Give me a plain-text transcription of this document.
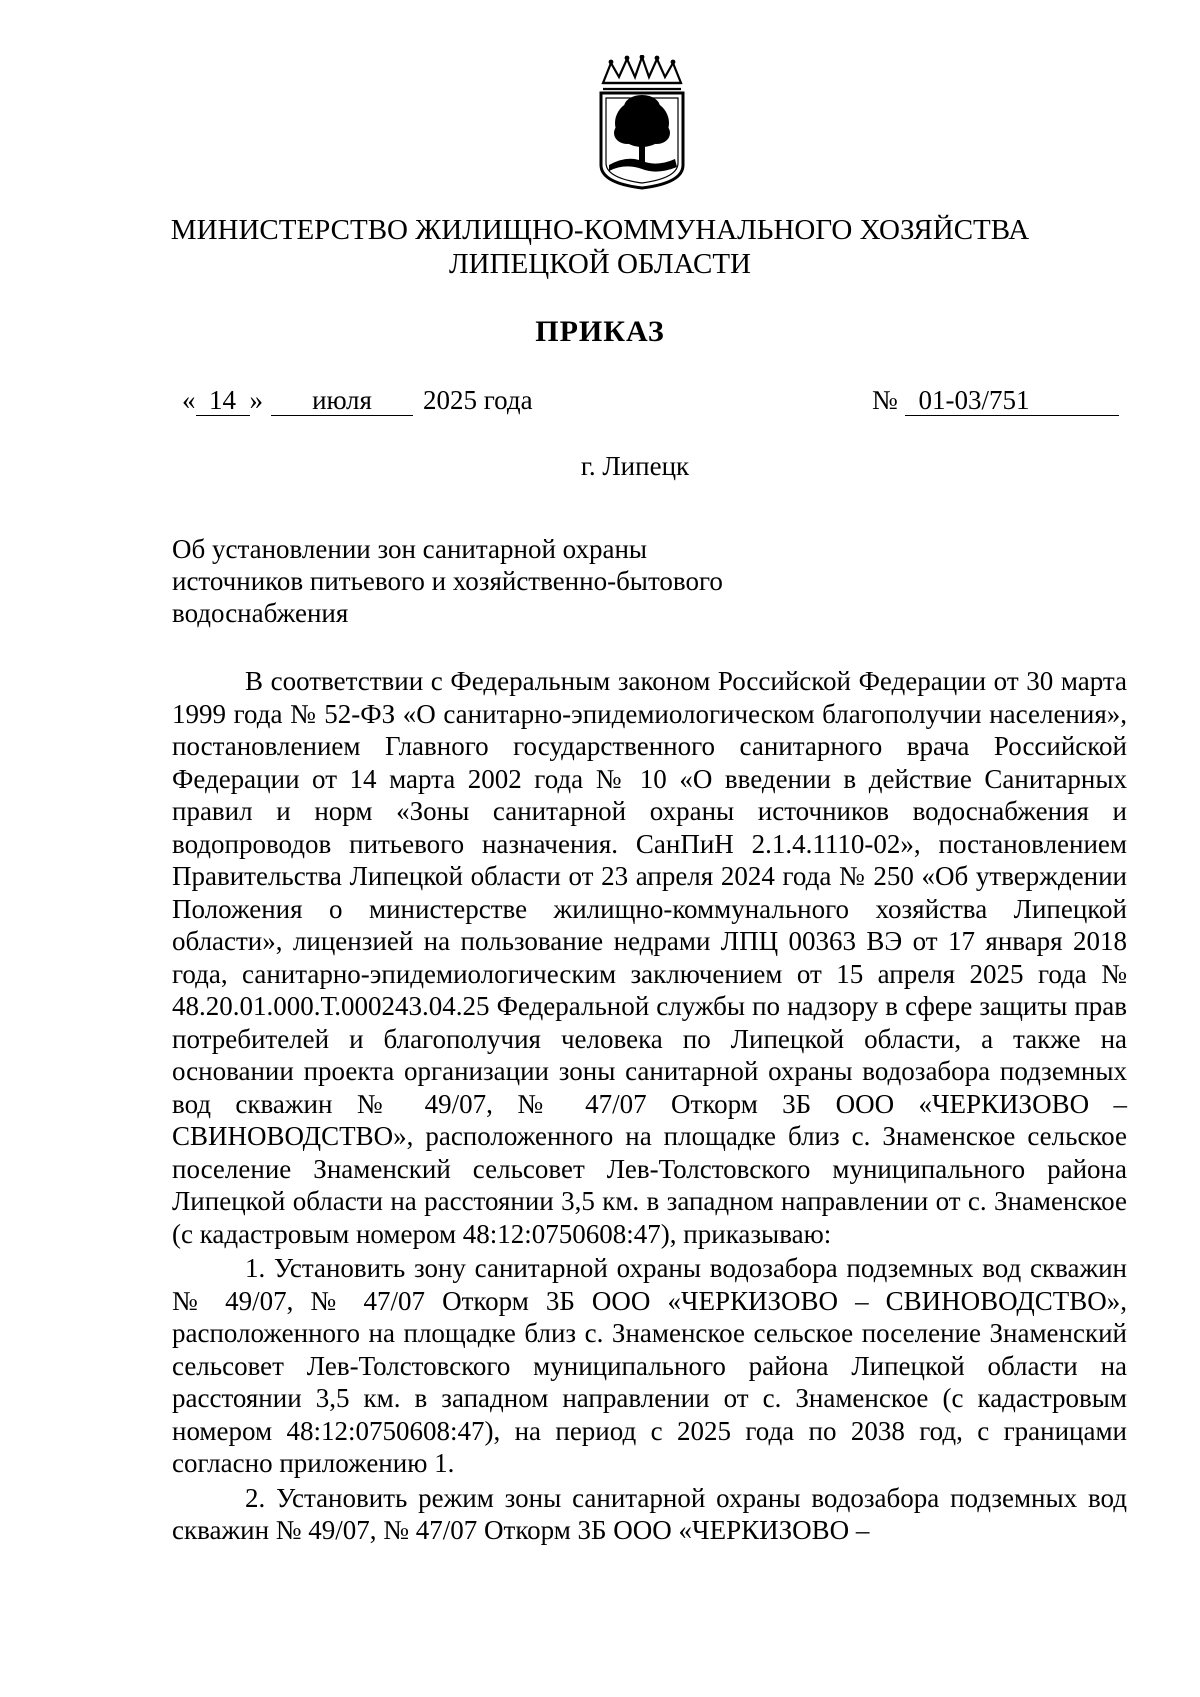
МИНИСТЕРСТВО ЖИЛИЩНО-КОММУНАЛЬНОГО ХОЗЯЙСТВА
ЛИПЕЦКОЙ ОБЛАСТИ
ПРИКАЗ
« 14 » июля 2025 года	№ 01-03/751
г. Липецк
Об установлении зон санитарной охраны
источников питьевого и хозяйственно-бытового
водоснабжения

В соответствии с Федеральным законом Российской Федерации от 30 марта 1999 года № 52-ФЗ «О санитарно-эпидемиологическом благополучии населения», постановлением Главного государственного санитарного врача Российской Федерации от 14 марта 2002 года № 10 «О введении в действие Санитарных правил и норм «Зоны санитарной охраны источников водоснабжения и водопроводов питьевого назначения. СанПиН 2.1.4.1110-02», постановлением Правительства Липецкой области от 23 апреля 2024 года № 250 «Об утверждении Положения о министерстве жилищно-коммунального хозяйства Липецкой области», лицензией на пользование недрами ЛПЦ 00363 ВЭ от 17 января 2018 года, санитарно-эпидемиологическим заключением от 15 апреля 2025 года № 48.20.01.000.Т.000243.04.25 Федеральной службы по надзору в сфере защиты прав потребителей и благополучия человека по Липецкой области, а также на основании проекта организации зоны санитарной охраны водозабора подземных вод скважин № 49/07, № 47/07 Откорм 3Б ООО «ЧЕРКИЗОВО – СВИНОВОДСТВО», расположенного на площадке близ с. Знаменское сельское поселение Знаменский сельсовет Лев-Толстовского муниципального района Липецкой области на расстоянии 3,5 км. в западном направлении от с. Знаменское (с кадастровым номером 48:12:0750608:47), приказываю:

1. Установить зону санитарной охраны водозабора подземных вод скважин № 49/07, № 47/07 Откорм 3Б ООО «ЧЕРКИЗОВО – СВИНОВОДСТВО», расположенного на площадке близ с. Знаменское сельское поселение Знаменский сельсовет Лев-Толстовского муниципального района Липецкой области на расстоянии 3,5 км. в западном направлении от с. Знаменское (с кадастровым номером 48:12:0750608:47), на период с 2025 года по 2038 год, с границами согласно приложению 1.

2. Установить режим зоны санитарной охраны водозабора подземных вод скважин № 49/07, № 47/07 Откорм 3Б ООО «ЧЕРКИЗОВО –
